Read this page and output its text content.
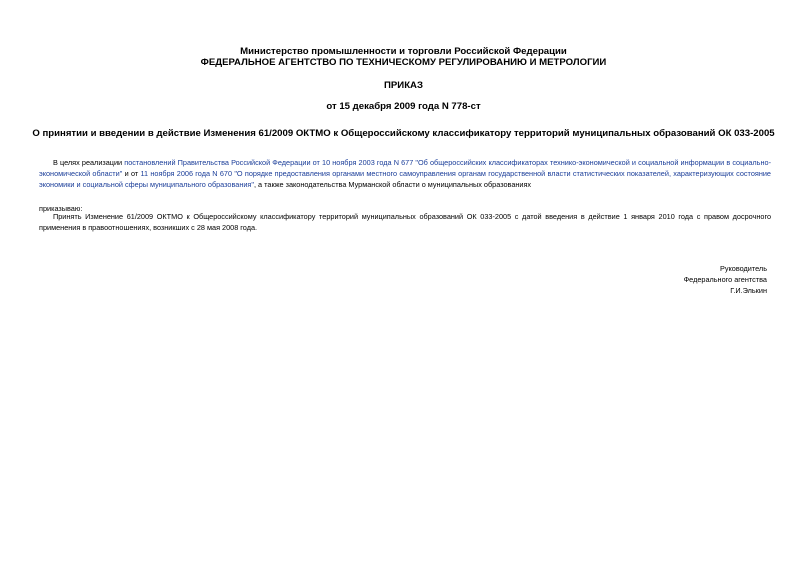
Министерство промышленности и торговли Российской Федерации
ФЕДЕРАЛЬНОЕ АГЕНТСТВО ПО ТЕХНИЧЕСКОМУ РЕГУЛИРОВАНИЮ И МЕТРОЛОГИИ
ПРИКАЗ
от 15 декабря 2009 года N 778-ст
О принятии и введении в действие Изменения 61/2009 ОКТМО к Общероссийскому классификатору территорий муниципальных образований ОК 033-2005
В целях реализации постановлений Правительства Российской Федерации от 10 ноября 2003 года N 677 "Об общероссийских классификаторах технико-экономической и социальной информации в социально-экономической области" и от 11 ноября 2006 года N 670 "О порядке предоставления органами местного самоуправления органам государственной власти статистических показателей, характеризующих состояние экономики и социальной сферы муниципального образования", а также законодательства Мурманской области о муниципальных образованиях
приказываю:
Принять Изменение 61/2009 ОКТМО к Общероссийскому классификатору территорий муниципальных образований ОК 033-2005 с датой введения в действие 1 января 2010 года с правом досрочного применения в правоотношениях, возникших с 28 мая 2008 года.
Руководитель
Федерального агентства
Г.И.Элькин
